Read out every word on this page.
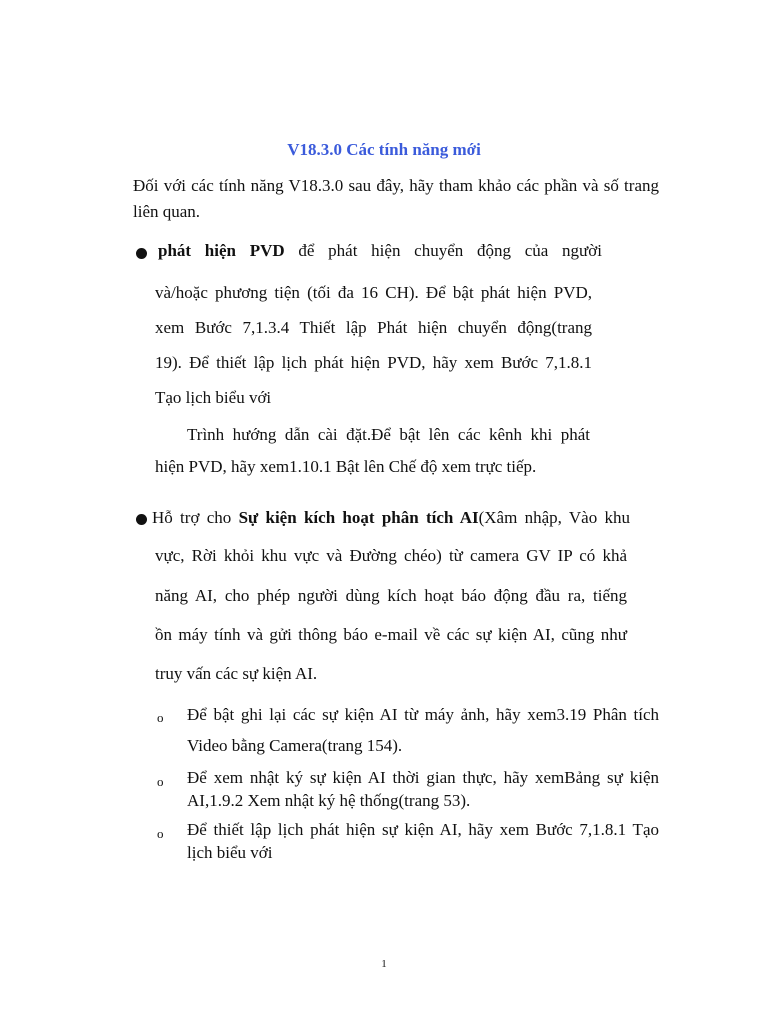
V18.3.0 Các tính năng mới
Đối với các tính năng V18.3.0 sau đây, hãy tham khảo các phần và số trang liên quan.
phát hiện PVD để phát hiện chuyển động của người
và/hoặc phương tiện (tối đa 16 CH). Để bật phát hiện PVD,
xem Bước 7,1.3.4 Thiết lập Phát hiện chuyển động(trang
19). Để thiết lập lịch phát hiện PVD, hãy xem Bước 7,1.8.1
Tạo lịch biểu với
Trình hướng dẫn cài đặt.Để bật lên các kênh khi phát
hiện PVD, hãy xem1.10.1 Bật lên Chế độ xem trực tiếp.
Hỗ trợ cho Sự kiện kích hoạt phân tích AI(Xâm nhập, Vào khu
vực, Rời khỏi khu vực và Đường chéo) từ camera GV IP có khả
năng AI, cho phép người dùng kích hoạt báo động đầu ra, tiếng
ồn máy tính và gửi thông báo e-mail về các sự kiện AI, cũng như
truy vấn các sự kiện AI.
o Để bật ghi lại các sự kiện AI từ máy ảnh, hãy xem3.19 Phân tích
Video bằng Camera(trang 154).
o Để xem nhật ký sự kiện AI thời gian thực, hãy xemBảng sự kiện
AI,1.9.2 Xem nhật ký hệ thống(trang 53).
o Để thiết lập lịch phát hiện sự kiện AI, hãy xem Bước 7,1.8.1 Tạo
lịch biểu với
1
